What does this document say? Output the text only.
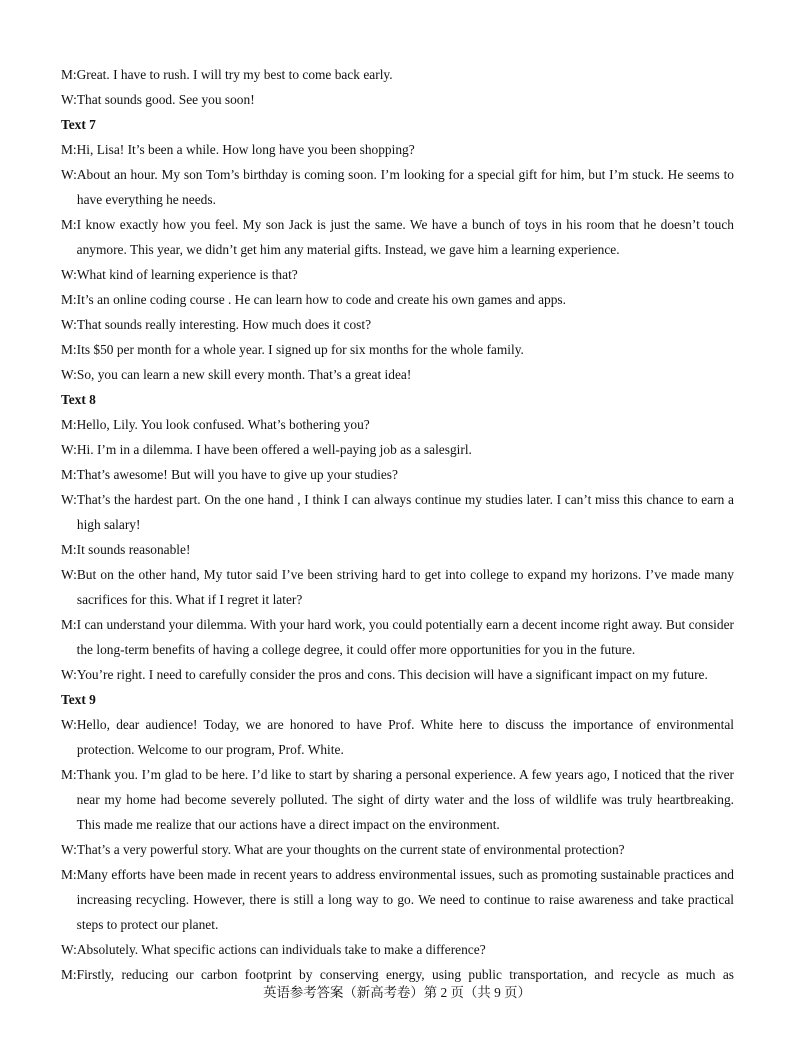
M: Great. I have to rush. I will try my best to come back early.
W: That sounds good. See you soon!

Text 7

M: Hi, Lisa! It’s been a while. How long have you been shopping?
W: About an hour. My son Tom’s birthday is coming soon. I’m looking for a special gift for him, but I’m stuck. He seems to have everything he needs.
M: I know exactly how you feel. My son Jack is just the same. We have a bunch of toys in his room that he doesn’t touch anymore. This year, we didn’t get him any material gifts. Instead, we gave him a learning experience.
W: What kind of learning experience is that?
M: It’s an online coding course . He can learn how to code and create his own games and apps.
W: That sounds really interesting. How much does it cost?
M: Its $50 per month for a whole year. I signed up for six months for the whole family.
W: So, you can learn a new skill every month. That’s a great idea!

Text 8

M: Hello, Lily. You look confused. What’s bothering you?
W: Hi. I’m in a dilemma. I have been offered a well-paying job as a salesgirl.
M: That’s awesome! But will you have to give up your studies?
W: That’s the hardest part. On the one hand , I think I can always continue my studies later. I can’t miss this chance to earn a high salary!
M: It sounds reasonable!
W: But on the other hand, My tutor said I’ve been striving hard to get into college to expand my horizons. I’ve made many sacrifices for this. What if I regret it later?
M: I can understand your dilemma. With your hard work, you could potentially earn a decent income right away. But consider the long-term benefits of having a college degree, it could offer more opportunities for you in the future.
W: You’re right. I need to carefully consider the pros and cons. This decision will have a significant impact on my future.

Text 9

W: Hello, dear audience! Today, we are honored to have Prof. White here to discuss the importance of environmental protection. Welcome to our program, Prof. White.
M: Thank you. I’m glad to be here. I’d like to start by sharing a personal experience. A few years ago, I noticed that the river near my home had become severely polluted. The sight of dirty water and the loss of wildlife was truly heartbreaking. This made me realize that our actions have a direct impact on the environment.
W: That’s a very powerful story. What are your thoughts on the current state of environmental protection?
M: Many efforts have been made in recent years to address environmental issues, such as promoting sustainable practices and increasing recycling. However, there is still a long way to go. We need to continue to raise awareness and take practical steps to protect our planet.
W: Absolutely. What specific actions can individuals take to make a difference?
M: Firstly, reducing our carbon footprint by conserving energy, using public transportation, and recycle as much as
英语参考答案（新高考卷）第 2 页（共 9 页）
